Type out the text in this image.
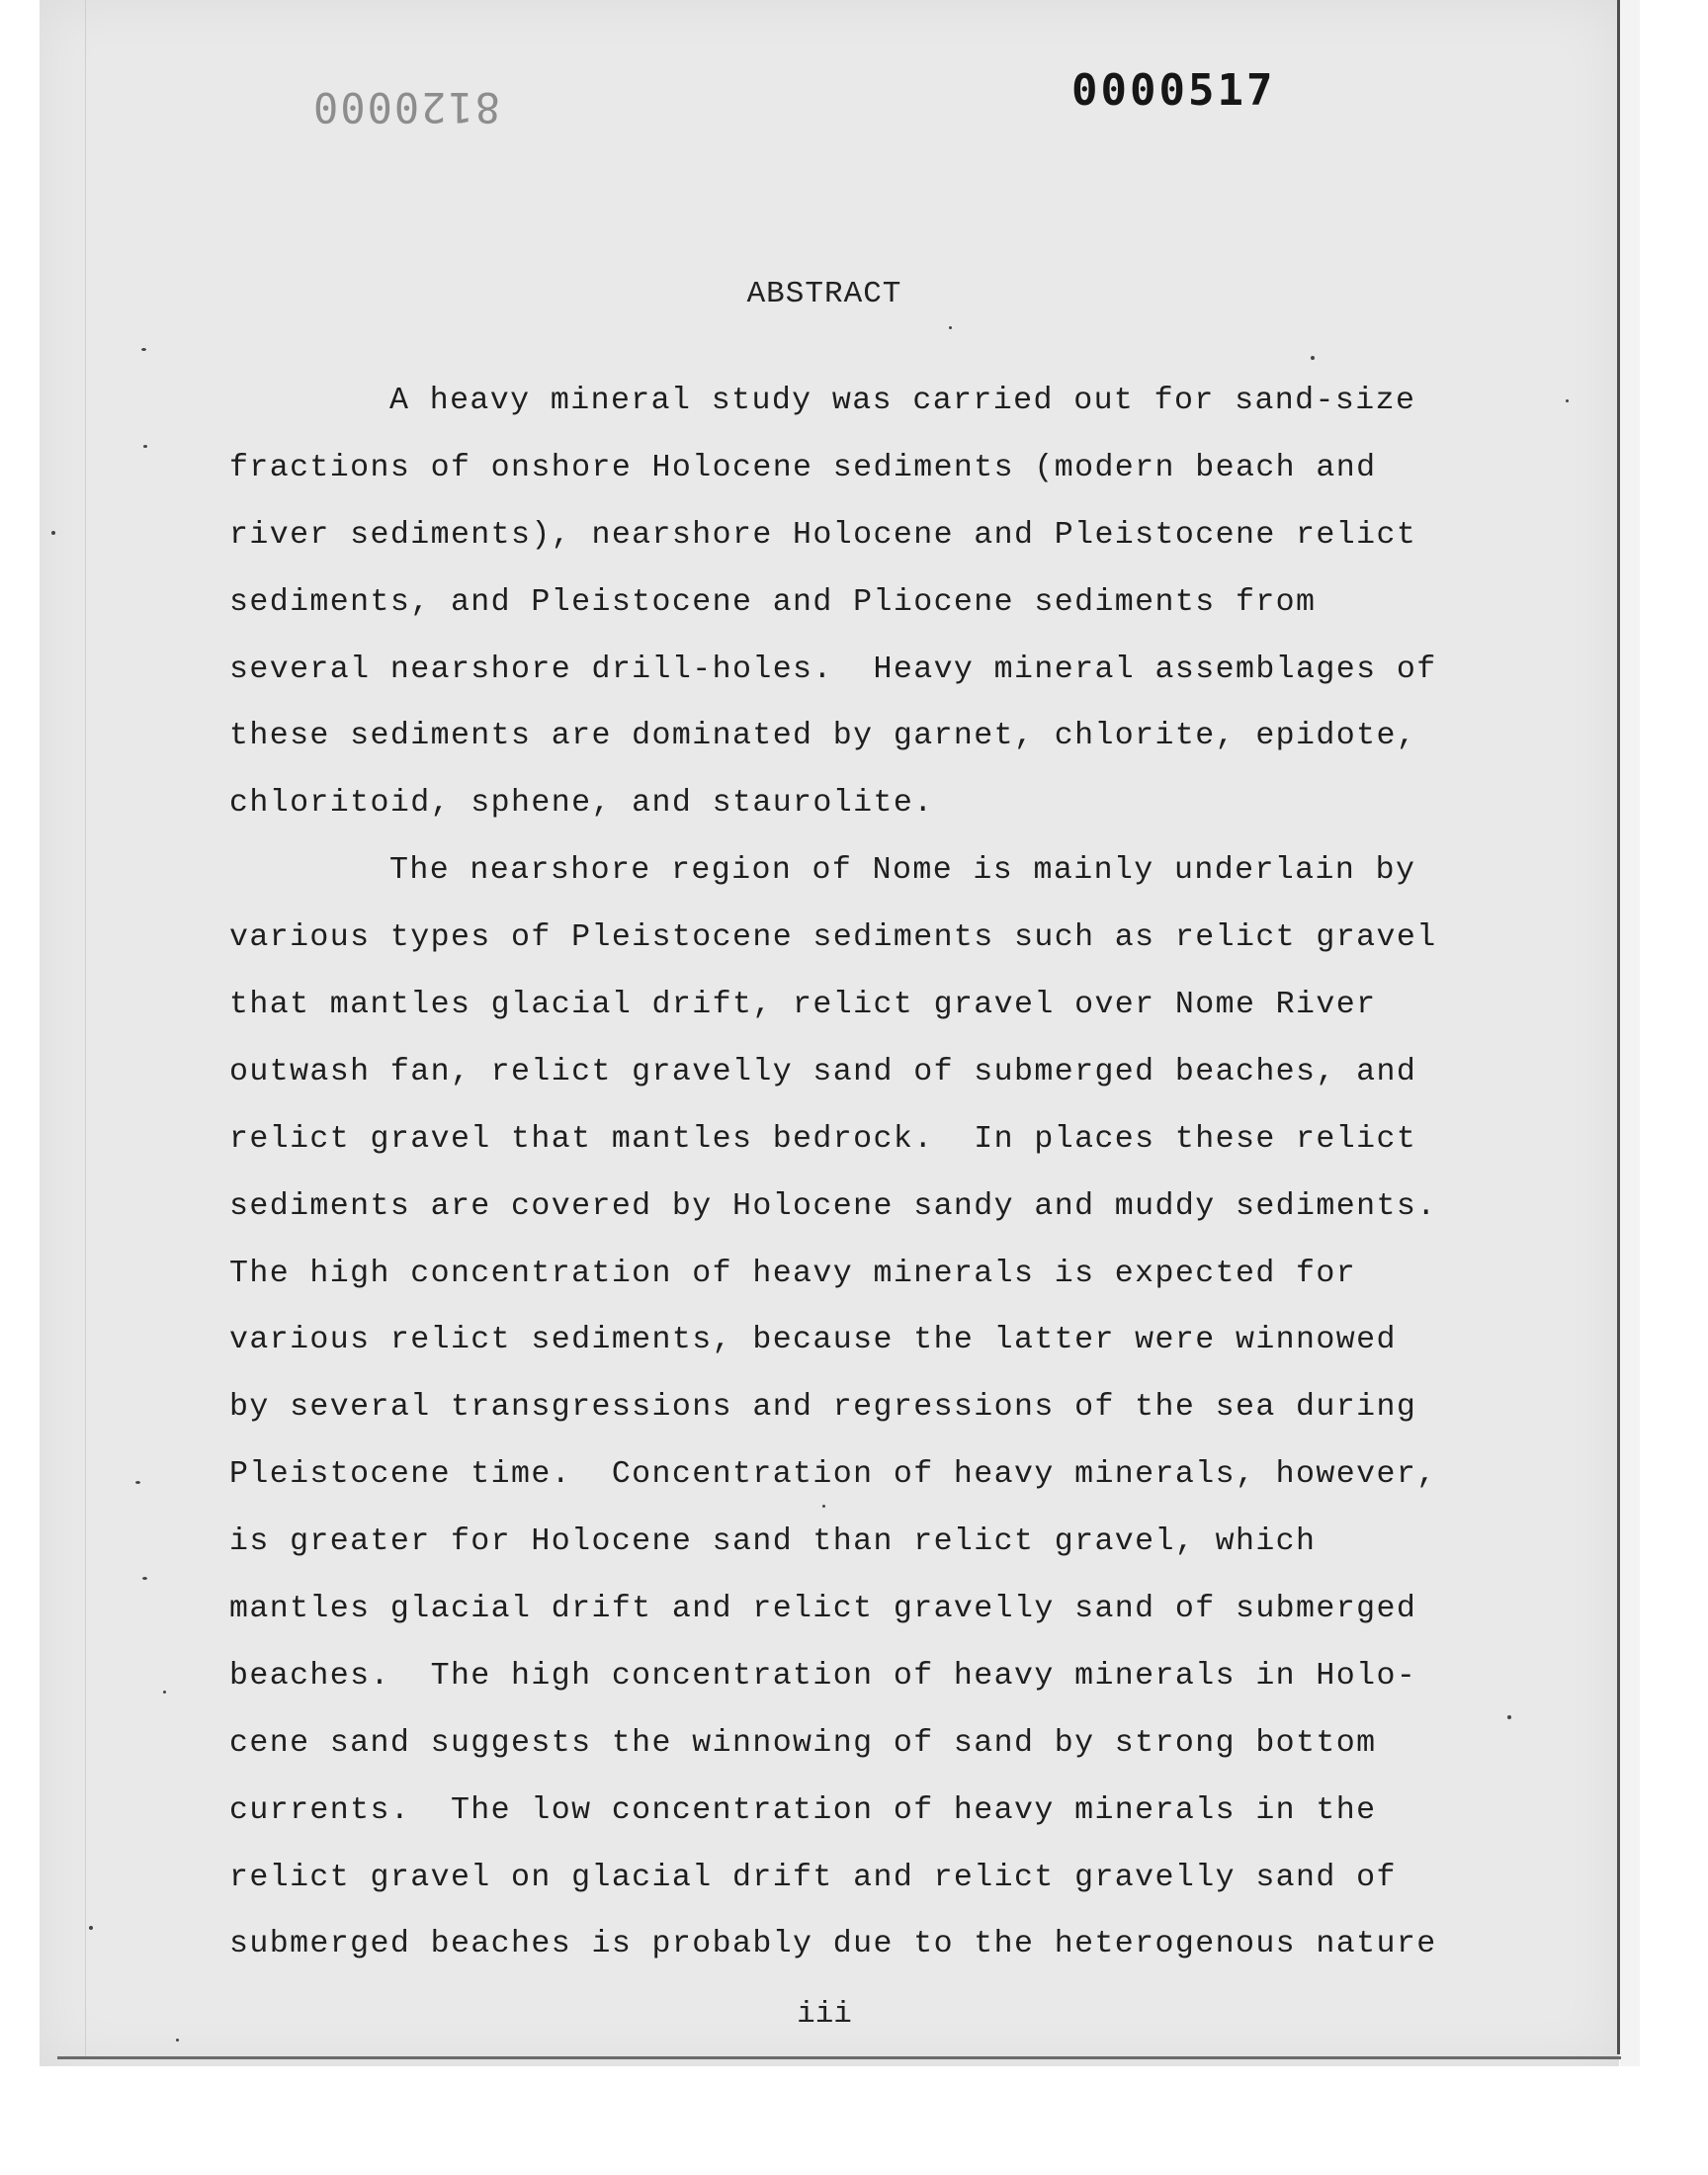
8120000	0000517
ABSTRACT
A heavy mineral study was carried out for sand-size
fractions of onshore Holocene sediments (modern beach and
river sediments), nearshore Holocene and Pleistocene relict
sediments, and Pleistocene and Pliocene sediments from
several nearshore drill-holes.  Heavy mineral assemblages of
these sediments are dominated by garnet, chlorite, epidote,
chloritoid, sphene, and staurolite.
The nearshore region of Nome is mainly underlain by
various types of Pleistocene sediments such as relict gravel
that mantles glacial drift, relict gravel over Nome River
outwash fan, relict gravelly sand of submerged beaches, and
relict gravel that mantles bedrock.  In places these relict
sediments are covered by Holocene sandy and muddy sediments.
The high concentration of heavy minerals is expected for
various relict sediments, because the latter were winnowed
by several transgressions and regressions of the sea during
Pleistocene time.  Concentration of heavy minerals, however,
is greater for Holocene sand than relict gravel, which
mantles glacial drift and relict gravelly sand of submerged
beaches.  The high concentration of heavy minerals in Holo-
cene sand suggests the winnowing of sand by strong bottom
currents.  The low concentration of heavy minerals in the
relict gravel on glacial drift and relict gravelly sand of
submerged beaches is probably due to the heterogenous nature
iii
